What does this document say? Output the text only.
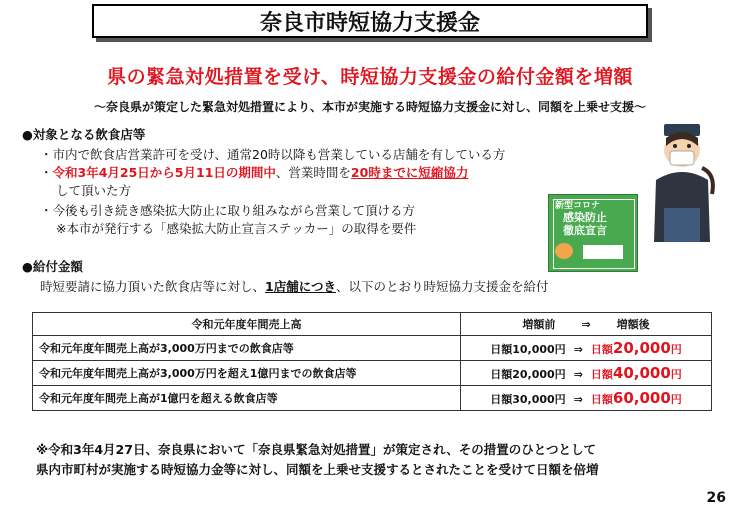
奈良市時短協力支援金
県の緊急対処措置を受け、時短協力支援金の給付金額を増額
～奈良県が策定した緊急対処措置により、本市が実施する時短協力支援金に対し、同額を上乗せ支援～
●対象となる飲食店等
・市内で飲食店営業許可を受け、通常20時以降も営業している店舗を有している方
・令和3年4月25日から5月11日の期間中、営業時間を20時までに短縮協力
して頂いた方
・今後も引き続き感染拡大防止に取り組みながら営業して頂ける方
※本市が発行する「感染拡大防止宣言ステッカー」の取得を要件
●給付金額
時短要請に協力頂いた飲食店等に対し、1店舗につき、以下のとおり時短協力支援金を給付
新型コロナ
感染防止
徹底宣言
令和元年度年間売上高	増額前 ⇒ 増額後
令和元年度年間売上高が3,000万円までの飲食店等	日額10,000円 ⇒ 日額20,000円
令和元年度年間売上高が3,000万円を超え1億円までの飲食店等	日額20,000円 ⇒ 日額40,000円
令和元年度年間売上高が1億円を超える飲食店等	日額30,000円 ⇒ 日額60,000円
※令和3年4月27日、奈良県において「奈良県緊急対処措置」が策定され、その措置のひとつとして
県内市町村が実施する時短協力金等に対し、同額を上乗せ支援するとされたことを受けて日額を倍増
26
